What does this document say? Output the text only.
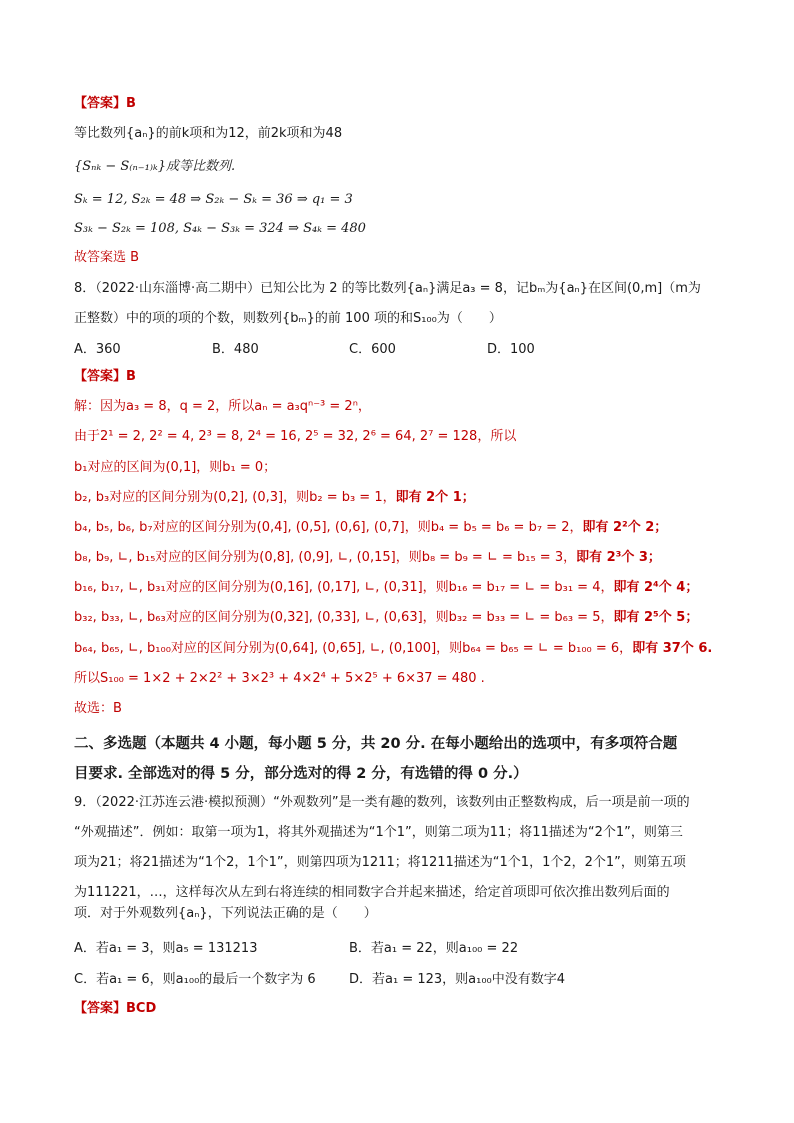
【答案】B
等比数列{aₙ}的前k项和为12，前2k项和为48
{Sₙₖ − S₍ₙ₋₁₎ₖ}成等比数列.
Sₖ = 12, S₂ₖ = 48 ⇒ S₂ₖ − Sₖ = 36 ⇒ q₁ = 3
S₃ₖ − S₂ₖ = 108, S₄ₖ − S₃ₖ = 324 ⇒ S₄ₖ = 480
故答案选 B
8．（2022·山东淄博·高二期中）已知公比为 2 的等比数列{aₙ}满足a₃ = 8，记bₘ为{aₙ}在区间(0,m]（m为
正整数）中的项的项的个数，则数列{bₘ}的前 100 项的和S₁₀₀为（　　）
A．360	B．480	C．600	D．100
【答案】B
解：因为a₃ = 8，q = 2，所以aₙ = a₃qⁿ⁻³ = 2ⁿ，
由于2¹ = 2, 2² = 4, 2³ = 8, 2⁴ = 16, 2⁵ = 32, 2⁶ = 64, 2⁷ = 128，所以
b₁对应的区间为(0,1]，则b₁ = 0；
b₂, b₃对应的区间分别为(0,2], (0,3]，则b₂ = b₃ = 1，即有 2个 1；
b₄, b₅, b₆, b₇对应的区间分别为(0,4], (0,5], (0,6], (0,7]，则b₄ = b₅ = b₆ = b₇ = 2，即有 2²个 2；
b₈, b₉, ∟, b₁₅对应的区间分别为(0,8], (0,9], ∟, (0,15]，则b₈ = b₉ = ∟ = b₁₅ = 3，即有 2³个 3；
b₁₆, b₁₇, ∟, b₃₁对应的区间分别为(0,16], (0,17], ∟, (0,31]，则b₁₆ = b₁₇ = ∟ = b₃₁ = 4，即有 2⁴个 4；
b₃₂, b₃₃, ∟, b₆₃对应的区间分别为(0,32], (0,33], ∟, (0,63]，则b₃₂ = b₃₃ = ∟ = b₆₃ = 5，即有 2⁵个 5；
b₆₄, b₆₅, ∟, b₁₀₀对应的区间分别为(0,64], (0,65], ∟, (0,100]，则b₆₄ = b₆₅ = ∟ = b₁₀₀ = 6，即有 37个 6.
所以S₁₀₀ = 1×2 + 2×2² + 3×2³ + 4×2⁴ + 5×2⁵ + 6×37 = 480 .
故选：B
二、多选题（本题共 4 小题，每小题 5 分，共 20 分. 在每小题给出的选项中，有多项符合题
目要求. 全部选对的得 5 分，部分选对的得 2 分，有选错的得 0 分.）
9．（2022·江苏连云港·模拟预测）“外观数列”是一类有趣的数列，该数列由正整数构成，后一项是前一项的
“外观描述”．例如：取第一项为1，将其外观描述为“1个1”，则第二项为11；将11描述为“2个1”，则第三
项为21；将21描述为“1个2，1个1”，则第四项为1211；将1211描述为“1个1，1个2，2个1”，则第五项
为111221，…，这样每次从左到右将连续的相同数字合并起来描述，给定首项即可依次推出数列后面的
项．对于外观数列{aₙ}，下列说法正确的是（　　）
A．若a₁ = 3，则a₅ = 131213	B．若a₁ = 22，则a₁₀₀ = 22
C．若a₁ = 6，则a₁₀₀的最后一个数字为 6	D．若a₁ = 123，则a₁₀₀中没有数字4
【答案】BCD
